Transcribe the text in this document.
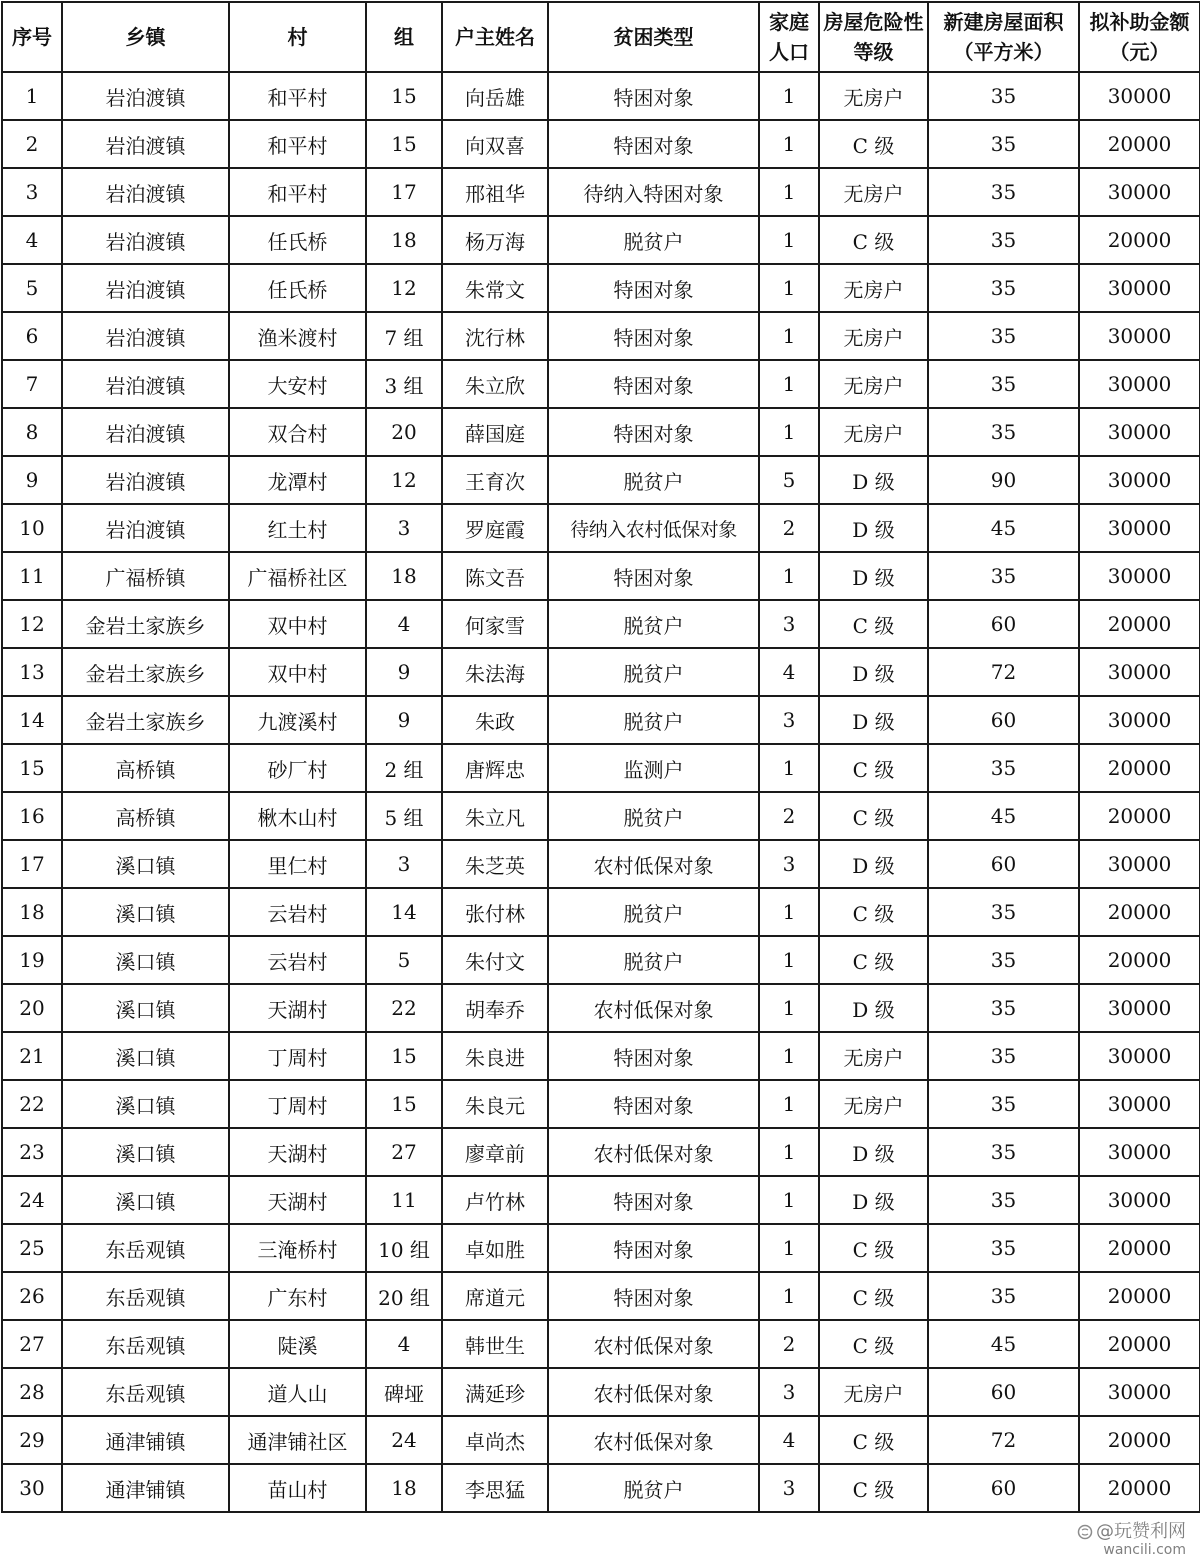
序号	乡镇	村	组	户主姓名	贫困类型	家庭人口	房屋危险性等级	新建房屋面积（平方米）	拟补助金额（元）
1	岩泊渡镇	和平村	15	向岳雄	特困对象	1	无房户	35	30000
2	岩泊渡镇	和平村	15	向双喜	特困对象	1	C 级	35	20000
3	岩泊渡镇	和平村	17	邢祖华	待纳入特困对象	1	无房户	35	30000
4	岩泊渡镇	任氏桥	18	杨万海	脱贫户	1	C 级	35	20000
5	岩泊渡镇	任氏桥	12	朱常文	特困对象	1	无房户	35	30000
6	岩泊渡镇	渔米渡村	7 组	沈行林	特困对象	1	无房户	35	30000
7	岩泊渡镇	大安村	3 组	朱立欣	特困对象	1	无房户	35	30000
8	岩泊渡镇	双合村	20	薛国庭	特困对象	1	无房户	35	30000
9	岩泊渡镇	龙潭村	12	王育次	脱贫户	5	D 级	90	30000
10	岩泊渡镇	红土村	3	罗庭霞	待纳入农村低保对象	2	D 级	45	30000
11	广福桥镇	广福桥社区	18	陈文吾	特困对象	1	D 级	35	30000
12	金岩土家族乡	双中村	4	何家雪	脱贫户	3	C 级	60	20000
13	金岩土家族乡	双中村	9	朱法海	脱贫户	4	D 级	72	30000
14	金岩土家族乡	九渡溪村	9	朱政	脱贫户	3	D 级	60	30000
15	高桥镇	砂厂村	2 组	唐辉忠	监测户	1	C 级	35	20000
16	高桥镇	楸木山村	5 组	朱立凡	脱贫户	2	C 级	45	20000
17	溪口镇	里仁村	3	朱芝英	农村低保对象	3	D 级	60	30000
18	溪口镇	云岩村	14	张付林	脱贫户	1	C 级	35	20000
19	溪口镇	云岩村	5	朱付文	脱贫户	1	C 级	35	20000
20	溪口镇	天湖村	22	胡奉乔	农村低保对象	1	D 级	35	30000
21	溪口镇	丁周村	15	朱良进	特困对象	1	无房户	35	30000
22	溪口镇	丁周村	15	朱良元	特困对象	1	无房户	35	30000
23	溪口镇	天湖村	27	廖章前	农村低保对象	1	D 级	35	30000
24	溪口镇	天湖村	11	卢竹林	特困对象	1	D 级	35	30000
25	东岳观镇	三淹桥村	10 组	卓如胜	特困对象	1	C 级	35	20000
26	东岳观镇	广东村	20 组	席道元	特困对象	1	C 级	35	20000
27	东岳观镇	陡溪	4	韩世生	农村低保对象	2	C 级	45	20000
28	东岳观镇	道人山	碑垭	满延珍	农村低保对象	3	无房户	60	30000
29	通津铺镇	通津铺社区	24	卓尚杰	农村低保对象	4	C 级	72	20000
30	通津铺镇	苗山村	18	李思猛	脱贫户	3	C 级	60	20000
@玩赞利网
wancili.com
